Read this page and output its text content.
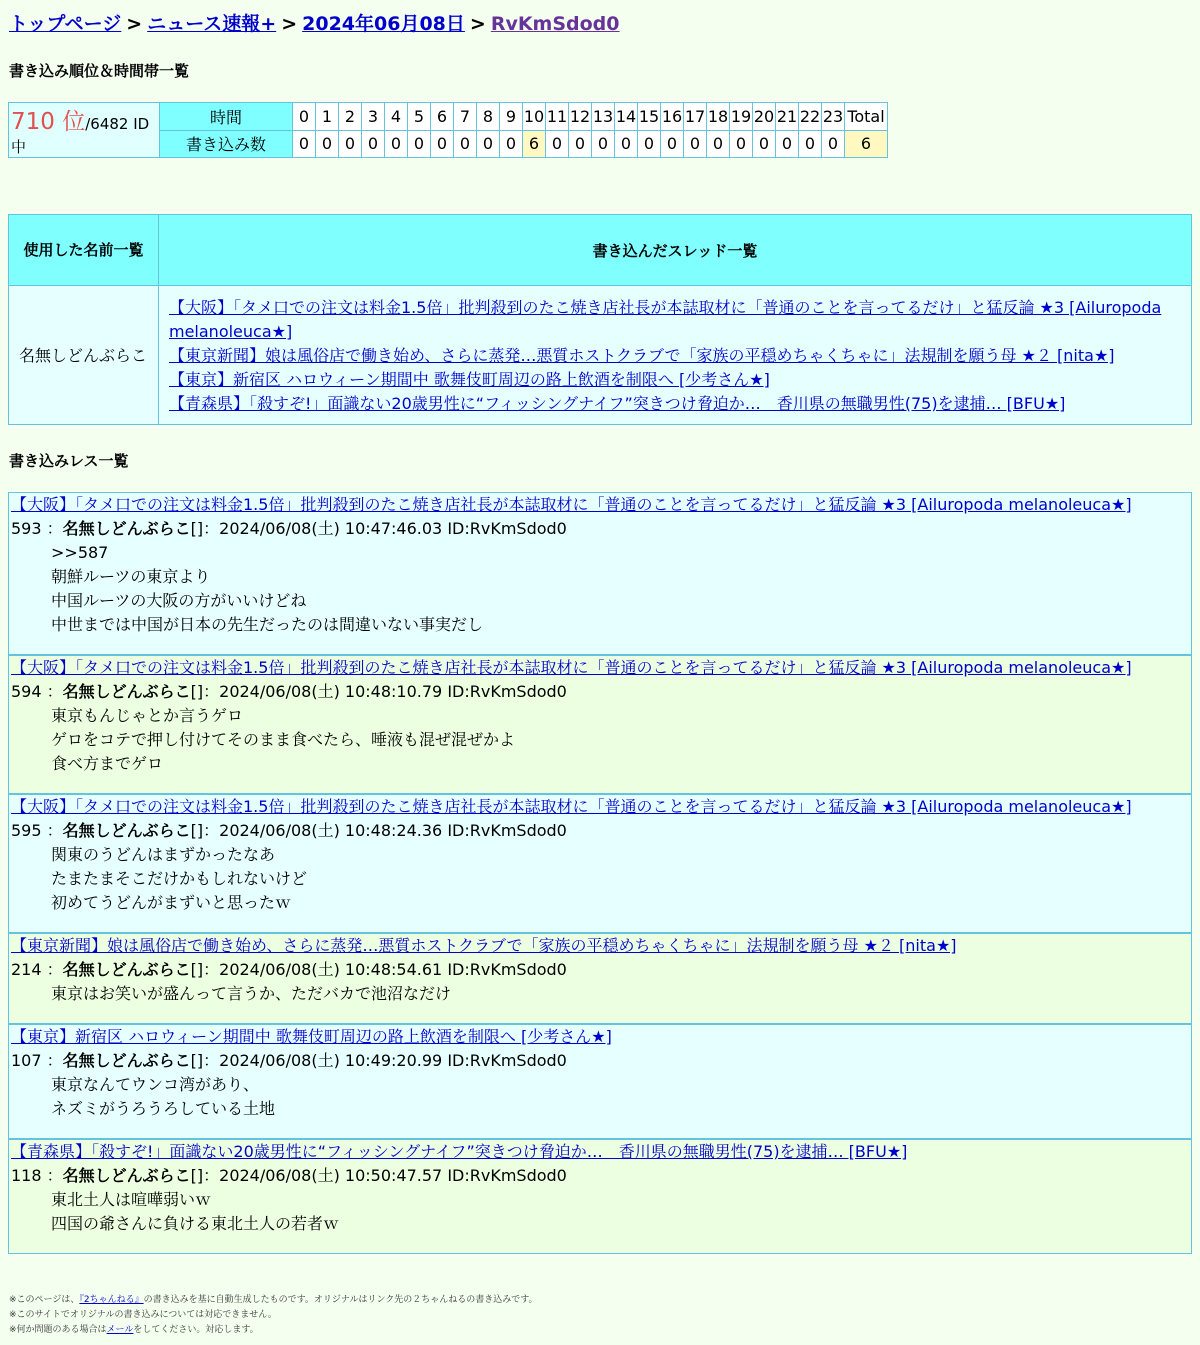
トップページ > ニュース速報+ > 2024年06月08日 > RvKmSdod0
書き込み順位＆時間帯一覧
710 位/6482 ID中	時間	0	1	2	3	4	5	6	7	8	9	10	11	12	13	14	15	16	17	18	19	20	21	22	23	Total
	書き込み数	0	0	0	0	0	0	0	0	0	0	6	0	0	0	0	0	0	0	0	0	0	0	0	0	6
使用した名前一覧	書き込んだスレッド一覧
名無しどんぶらこ	【大阪】「タメ口での注文は料金1.5倍」批判殺到のたこ焼き店社長が本誌取材に「普通のことを言ってるだけ」と猛反論 ★3 [Ailuropoda melanoleuca★]
【東京新聞】娘は風俗店で働き始め、さらに蒸発…悪質ホストクラブで「家族の平穏めちゃくちゃに」法規制を願う母 ★２ [nita★]
【東京】新宿区 ハロウィーン期間中 歌舞伎町周辺の路上飲酒を制限へ [少考さん★]
【青森県】「殺すぞ!」面識ない20歳男性に“フィッシングナイフ”突きつけ脅迫か…　香川県の無職男性(75)を逮捕… [BFU★]
書き込みレス一覧
【大阪】「タメ口での注文は料金1.5倍」批判殺到のたこ焼き店社長が本誌取材に「普通のことを言ってるだけ」と猛反論 ★3 [Ailuropoda melanoleuca★]
593 ：名無しどんぶらこ[]：2024/06/08(土) 10:47:46.03 ID:RvKmSdod0
>>587
朝鮮ルーツの東京より
中国ルーツの大阪の方がいいけどね
中世までは中国が日本の先生だったのは間違いない事実だし
【大阪】「タメ口での注文は料金1.5倍」批判殺到のたこ焼き店社長が本誌取材に「普通のことを言ってるだけ」と猛反論 ★3 [Ailuropoda melanoleuca★]
594 ：名無しどんぶらこ[]：2024/06/08(土) 10:48:10.79 ID:RvKmSdod0
東京もんじゃとか言うゲロ
ゲロをコテで押し付けてそのまま食べたら、唾液も混ぜ混ぜかよ
食べ方までゲロ
【大阪】「タメ口での注文は料金1.5倍」批判殺到のたこ焼き店社長が本誌取材に「普通のことを言ってるだけ」と猛反論 ★3 [Ailuropoda melanoleuca★]
595 ：名無しどんぶらこ[]：2024/06/08(土) 10:48:24.36 ID:RvKmSdod0
関東のうどんはまずかったなあ
たまたまそこだけかもしれないけど
初めてうどんがまずいと思ったｗ
【東京新聞】娘は風俗店で働き始め、さらに蒸発…悪質ホストクラブで「家族の平穏めちゃくちゃに」法規制を願う母 ★２ [nita★]
214 ：名無しどんぶらこ[]：2024/06/08(土) 10:48:54.61 ID:RvKmSdod0
東京はお笑いが盛んって言うか、ただバカで池沼なだけ
【東京】新宿区 ハロウィーン期間中 歌舞伎町周辺の路上飲酒を制限へ [少考さん★]
107 ：名無しどんぶらこ[]：2024/06/08(土) 10:49:20.99 ID:RvKmSdod0
東京なんてウンコ湾があり、
ネズミがうろうろしている土地
【青森県】「殺すぞ!」面識ない20歳男性に“フィッシングナイフ”突きつけ脅迫か…　香川県の無職男性(75)を逮捕… [BFU★]
118 ：名無しどんぶらこ[]：2024/06/08(土) 10:50:47.57 ID:RvKmSdod0
東北土人は喧嘩弱いｗ
四国の爺さんに負ける東北土人の若者ｗ
※このページは、『2ちゃんねる』の書き込みを基に自動生成したものです。オリジナルはリンク先の２ちゃんねるの書き込みです。
※このサイトでオリジナルの書き込みについては対応できません。
※何か問題のある場合はメールをしてください。対応します。
